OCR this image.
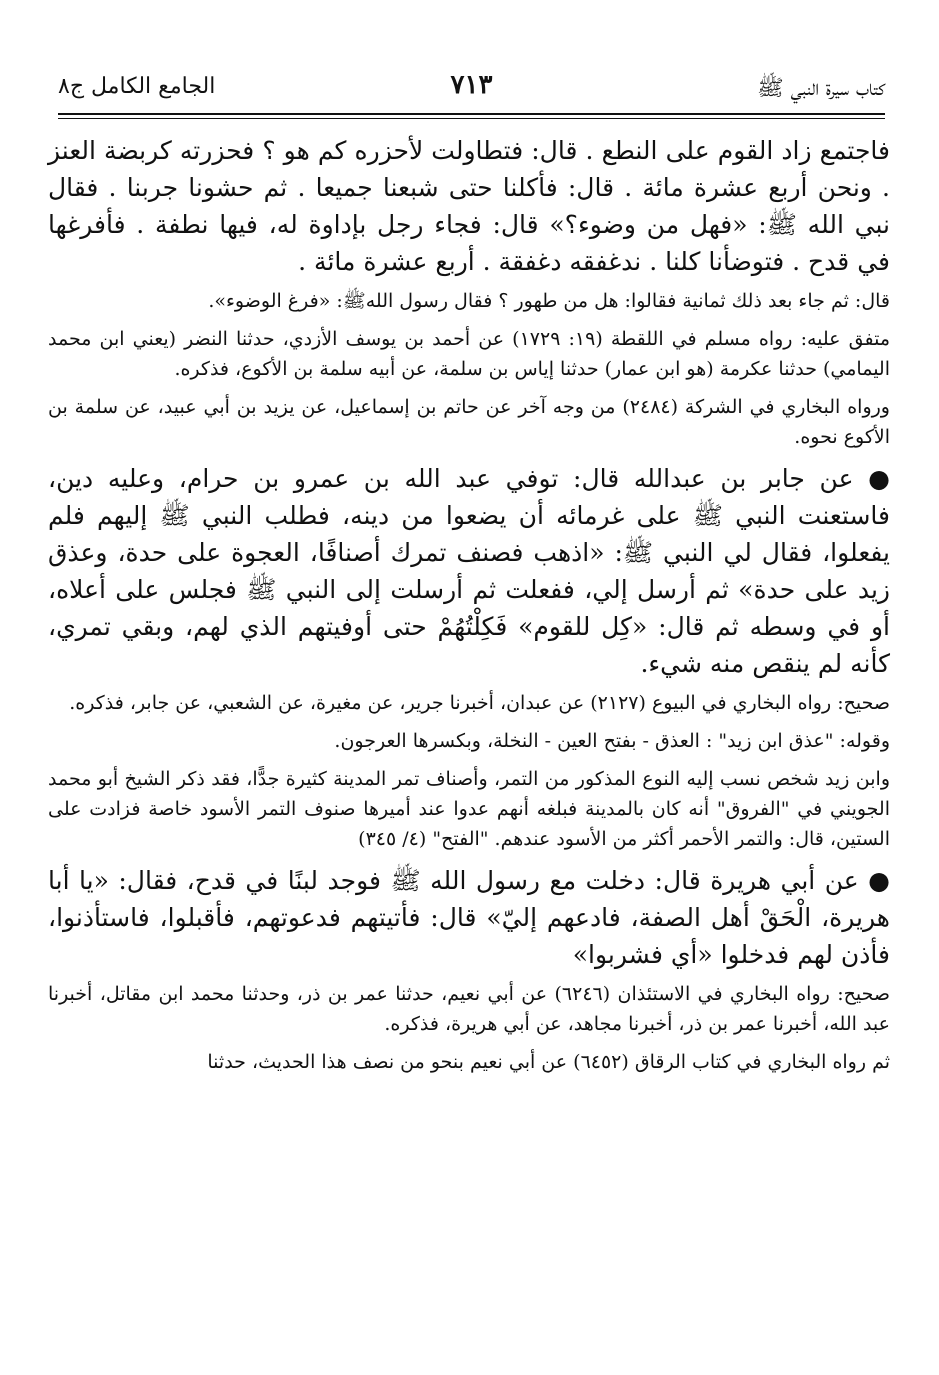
كتاب سيرة النبي ﷺ
٧١٣
الجامع الكامل ج٨

فاجتمع زاد القوم على النطع . قال: فتطاولت لأحزره كم هو ؟ فحزرته كربضة العنز . ونحن أربع عشرة مائة . قال: فأكلنا حتى شبعنا جميعا . ثم حشونا جربنا . فقال نبي الله ﷺ: «فهل من وضوء؟» قال: فجاء رجل بإداوة له، فيها نطفة . فأفرغها في قدح . فتوضأنا كلنا . ندغفقه دغفقة . أربع عشرة مائة .

قال: ثم جاء بعد ذلك ثمانية فقالوا: هل من طهور ؟ فقال رسول اللهﷺ: «فرغ الوضوء».

متفق عليه: رواه مسلم في اللقطة (١٩: ١٧٢٩) عن أحمد بن يوسف الأزدي، حدثنا النضر (يعني ابن محمد اليمامي) حدثنا عكرمة (هو ابن عمار) حدثنا إياس بن سلمة، عن أبيه سلمة بن الأكوع، فذكره.

ورواه البخاري في الشركة (٢٤٨٤) من وجه آخر عن حاتم بن إسماعيل، عن يزيد بن أبي عبيد، عن سلمة بن الأكوع نحوه.

● عن جابر بن عبدالله قال: توفي عبد الله بن عمرو بن حرام، وعليه دين، فاستعنت النبي ﷺ على غرمائه أن يضعوا من دينه، فطلب النبي ﷺ إليهم فلم يفعلوا، فقال لي النبي ﷺ: «اذهب فصنف تمرك أصنافًا، العجوة على حدة، وعذق زيد على حدة» ثم أرسل إلي، ففعلت ثم أرسلت إلى النبي ﷺ فجلس على أعلاه، أو في وسطه ثم قال: «كِل للقوم» فَكِلْتُهُمْ حتى أوفيتهم الذي لهم، وبقي تمري، كأنه لم ينقص منه شيء.

صحيح: رواه البخاري في البيوع (٢١٢٧) عن عبدان، أخبرنا جرير، عن مغيرة، عن الشعبي، عن جابر، فذكره.

وقوله: "عذق ابن زيد" : العذق - بفتح العين - النخلة، وبكسرها العرجون.

وابن زيد شخص نسب إليه النوع المذكور من التمر، وأصناف تمر المدينة كثيرة جدًّا، فقد ذكر الشيخ أبو محمد الجويني في "الفروق" أنه كان بالمدينة فبلغه أنهم عدوا عند أميرها صنوف التمر الأسود خاصة فزادت على الستين، قال: والتمر الأحمر أكثر من الأسود عندهم. "الفتح" (٤/ ٣٤٥)

● عن أبي هريرة قال: دخلت مع رسول الله ﷺ فوجد لبنًا في قدح، فقال: «يا أبا هريرة، الْحَقْ أهل الصفة، فادعهم إليّ» قال: فأتيتهم فدعوتهم، فأقبلوا، فاستأذنوا، فأذن لهم فدخلوا «أي فشربوا»

صحيح: رواه البخاري في الاستئذان (٦٢٤٦) عن أبي نعيم، حدثنا عمر بن ذر، وحدثنا محمد ابن مقاتل، أخبرنا عبد الله، أخبرنا عمر بن ذر، أخبرنا مجاهد، عن أبي هريرة، فذكره.

ثم رواه البخاري في كتاب الرقاق (٦٤٥٢) عن أبي نعيم بنحو من نصف هذا الحديث، حدثنا
